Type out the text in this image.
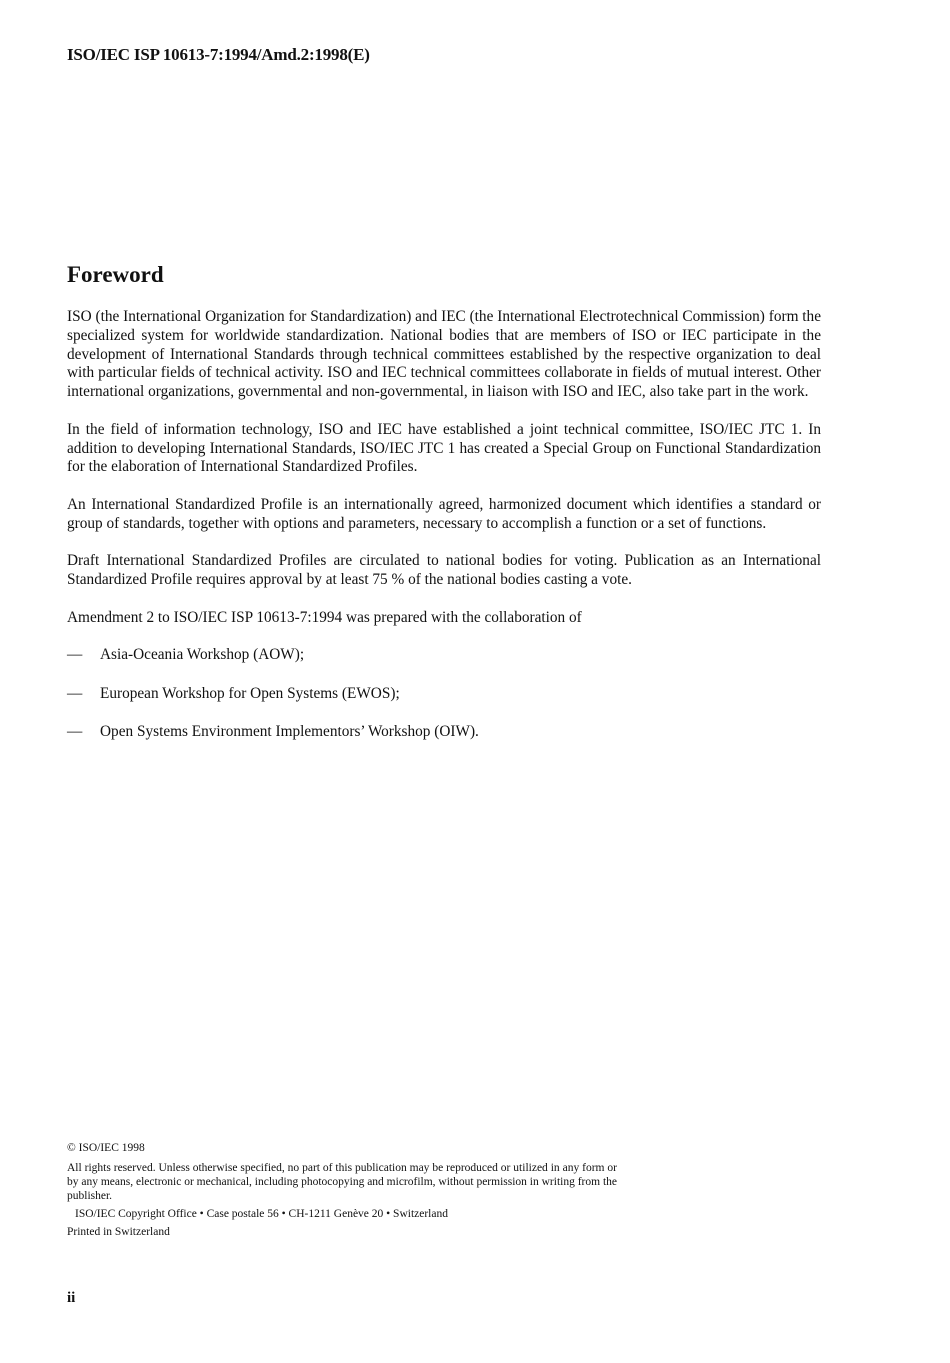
ISO/IEC ISP 10613-7:1994/Amd.2:1998(E)
Foreword

ISO (the International Organization for Standardization) and IEC (the International Electrotechnical Commission) form the specialized system for worldwide standardization. National bodies that are members of ISO or IEC participate in the development of International Standards through technical committees established by the respective organization to deal with particular fields of technical activity. ISO and IEC technical committees collaborate in fields of mutual interest. Other international organizations, governmental and non-governmental, in liaison with ISO and IEC, also take part in the work.

In the field of information technology, ISO and IEC have established a joint technical committee, ISO/IEC JTC 1. In addition to developing International Standards, ISO/IEC JTC 1 has created a Special Group on Functional Standardization for the elaboration of International Standardized Profiles.

An International Standardized Profile is an internationally agreed, harmonized document which identifies a standard or group of standards, together with options and parameters, necessary to accomplish a function or a set of functions.

Draft International Standardized Profiles are circulated to national bodies for voting. Publication as an International Standardized Profile requires approval by at least 75 % of the national bodies casting a vote.

Amendment 2 to ISO/IEC ISP 10613-7:1994 was prepared with the collaboration of

— Asia-Oceania Workshop (AOW);
— European Workshop for Open Systems (EWOS);
— Open Systems Environment Implementors’ Workshop (OIW).

© ISO/IEC 1998

All rights reserved. Unless otherwise specified, no part of this publication may be reproduced or utilized in any form or by any means, electronic or mechanical, including photocopying and microfilm, without permission in writing from the publisher.

ISO/IEC Copyright Office • Case postale 56 • CH-1211 Genève 20 • Switzerland

Printed in Switzerland

ii
